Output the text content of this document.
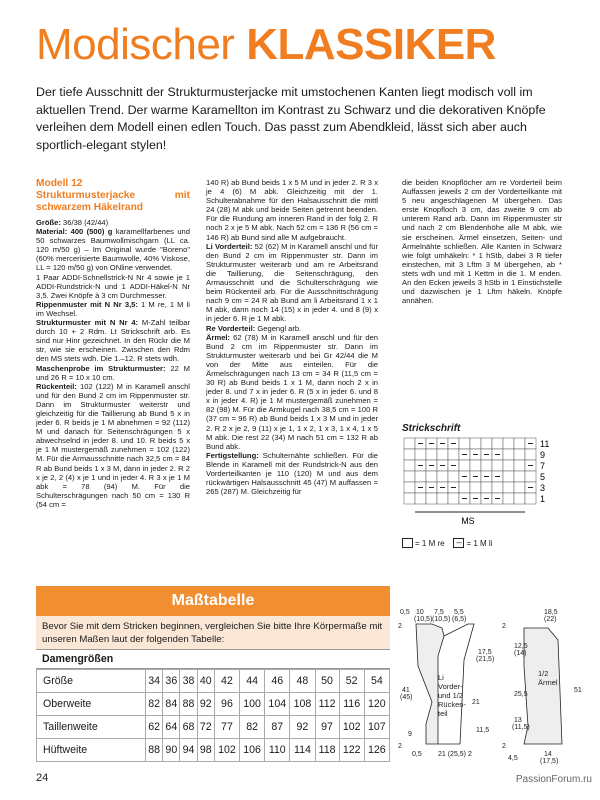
Modischer KLASSIKER
Der tiefe Ausschnitt der Strukturmusterjacke mit umstochenen Kanten liegt modisch voll im aktuellen Trend. Der warme Karamellton im Kontrast zu Schwarz und die dekorativen Knöpfe verleihen dem Modell einen edlen Touch. Das passt zum Abendkleid, lässt sich aber auch sportlich-elegant stylen!

Modell 12
Strukturmusterjacke mit schwarzem Häkelrand

Größe: 36/38 (42/44)

Material: 400 (500) g karamellfarbenes und 50 schwarzes Baumwollmischgarn (LL ca. 120 m/50 g) – Im Original wurde "Boreno" (60% mercerisierte Baumwolle, 40% Viskose, LL = 120 m/50 g) von ONline verwendet.

1 Paar ADDI-Schnellstrick-N Nr 4 sowie je 1 ADDI-Rundstrick-N und 1 ADDI-Häkel-N Nr 3,5. Zwei Knöpfe à 3 cm Durchmesser.

Rippenmuster mit N Nr 3,5: 1 M re, 1 M li im Wechsel.

Strukturmuster mit N Nr 4: M-Zahl teilbar durch 10 + 2 Rdm. Lt Strickschrift arb. Es sind nur Hinr gezeichnet. In den Rückr die M str, wie sie erscheinen. Zwischen den Rdm den MS stets wdh. Die 1.–12. R stets wdh.

Maschenprobe im Strukturmuster: 22 M und 26 R = 10 x 10 cm.

Rückenteil: 102 (122) M in Karamell anschl und für den Bund 2 cm im Rippenmuster str. Dann im Strukturmuster weiterstr und gleichzeitig für die Taillierung ab Bund 5 x in jeder 6. R beids je 1 M abnehmen = 92 (112) M und danach für Seitenschrägungen 5 x abwechselnd in jeder 8. und 10. R beids 5 x je 1 M mustergemäß zunehmen = 102 (122) M. Für die Armausschnitte nach 32,5 cm = 84 R ab Bund beids 1 x 3 M, dann in jeder 2. R 2 x je 2, 2 (4) x je 1 und in jeder 4. R 3 x je 1 M abk = 78 (94) M. Für die Schulterschrägungen nach 50 cm = 130 R (54 cm =

140 R) ab Bund beids 1 x 5 M und in jeder 2. R 3 x je 4 (6) M abk. Gleichzeitig mit der 1. Schulterabnahme für den Halsausschnitt die mittl 24 (28) M abk und beide Seiten getrennt beenden. Für die Rundung am inneren Rand in der folg 2. R noch 2 x je 5 M abk. Nach 52 cm = 136 R (56 cm = 146 R) ab Bund sind alle M aufgebraucht.

Li Vorderteil: 52 (62) M in Karamell anschl und für den Bund 2 cm im Rippenmuster str. Dann im Strukturmuster weiterarb und am re Arbeitsrand die Taillierung, die Seitenschrägung, den Armausschnitt und die Schulterschrägung wie beim Rückenteil arb. Für die Ausschnittschrägung nach 9 cm = 24 R ab Bund am li Arbeitsrand 1 x 1 M abk, dann noch 14 (15) x in jeder 4. und 8 (9) x in jeder 6. R je 1 M abk.

Re Vorderteil: Gegengl arb.

Ärmel: 62 (78) M in Karamell anschl und für den Bund 2 cm im Rippenmuster str. Dann im Strukturmuster weiterarb und bei Gr 42/44 die M von der Mitte aus einteilen. Für die Ärmelschrägungen nach 13 cm = 34 R (11,5 cm = 30 R) ab Bund beids 1 x 1 M, dann noch 2 x in jeder 8. und 7 x in jeder 6. R (5 x in jeder 6. und 8 x in jeder 4. R) je 1 M mustergemäß zunehmen = 82 (98) M. Für die Armkugel nach 38,5 cm = 100 R (37 cm = 96 R) ab Bund beids 1 x 3 M und in jeder 2. R 2 x je 2, 9 (11) x je 1, 1 x 2, 1 x 3, 1 x 4, 1 x 5 M abk. Die rest 22 (34) M nach 51 cm = 132 R ab Bund abk.

Fertigstellung: Schulternähte schließen. Für die Blende in Karamell mit der Rundstrick-N aus den Vorderteilkanten je 110 (120) M und aus dem rückwärtigen Halsausschnitt 45 (47) M auffassen = 265 (287) M. Gleichzeitig für

die beiden Knopflöcher am re Vorderteil beim Auffassen jeweils 2 cm der Vorderteilkante mit 5 neu angeschlagenen M übergehen. Das erste Knopfloch 3 cm, das zweite 9 cm ab unterem Rand arb. Dann im Rippenmuster str und nach 2 cm Blendenhöhe alle M abk, wie sie erscheinen. Ärmel einsetzen, Seiten- und Ärmelnähte schließen. Alle Kanten in Schwarz wie folgt umhäkeln: * 1 hStb, dabei 3 R tiefer einstechen, mit 3 Lftm 3 M übergehen, ab * stets wdh und mit 1 Kettm in die 1. M enden. An den Ecken jeweils 3 hStb in 1 Einstichstelle und dazwischen je 1 Lftm häkeln. Knöpfe annähen.

Strickschrift
11
9
7
5
3
1
MS
= 1 M re – = 1 M li
Maßtabelle
Bevor Sie mit dem Stricken beginnen, vergleichen Sie bitte Ihre Körpermaße mit unseren Maßen laut der folgenden Tabelle:
Damengrößen
Größe	34	36	38	40	42	44	46	48	50	52	54
Oberweite	82	84	88	92	96	100	104	108	112	116	120
Taillenweite	62	64	68	72	77	82	87	92	97	102	107
Hüftweite	88	90	94	98	102	106	110	114	118	122	126
0,5 10
(10,5)
7,5
(10,5)
5,5
(6,5)
2
17,5
(21,5)
21
11,5
9
41
(45)
2
0,5 21 (25,5) 2
18,5
(22)
12,5
(14)
25,5
51
13
(11,5)
14
(17,5)
4,5
2
2
Li
Vorder-
und 1/2
Rücken-
teil
1/2
Ärmel
24	PassionForum.ru
